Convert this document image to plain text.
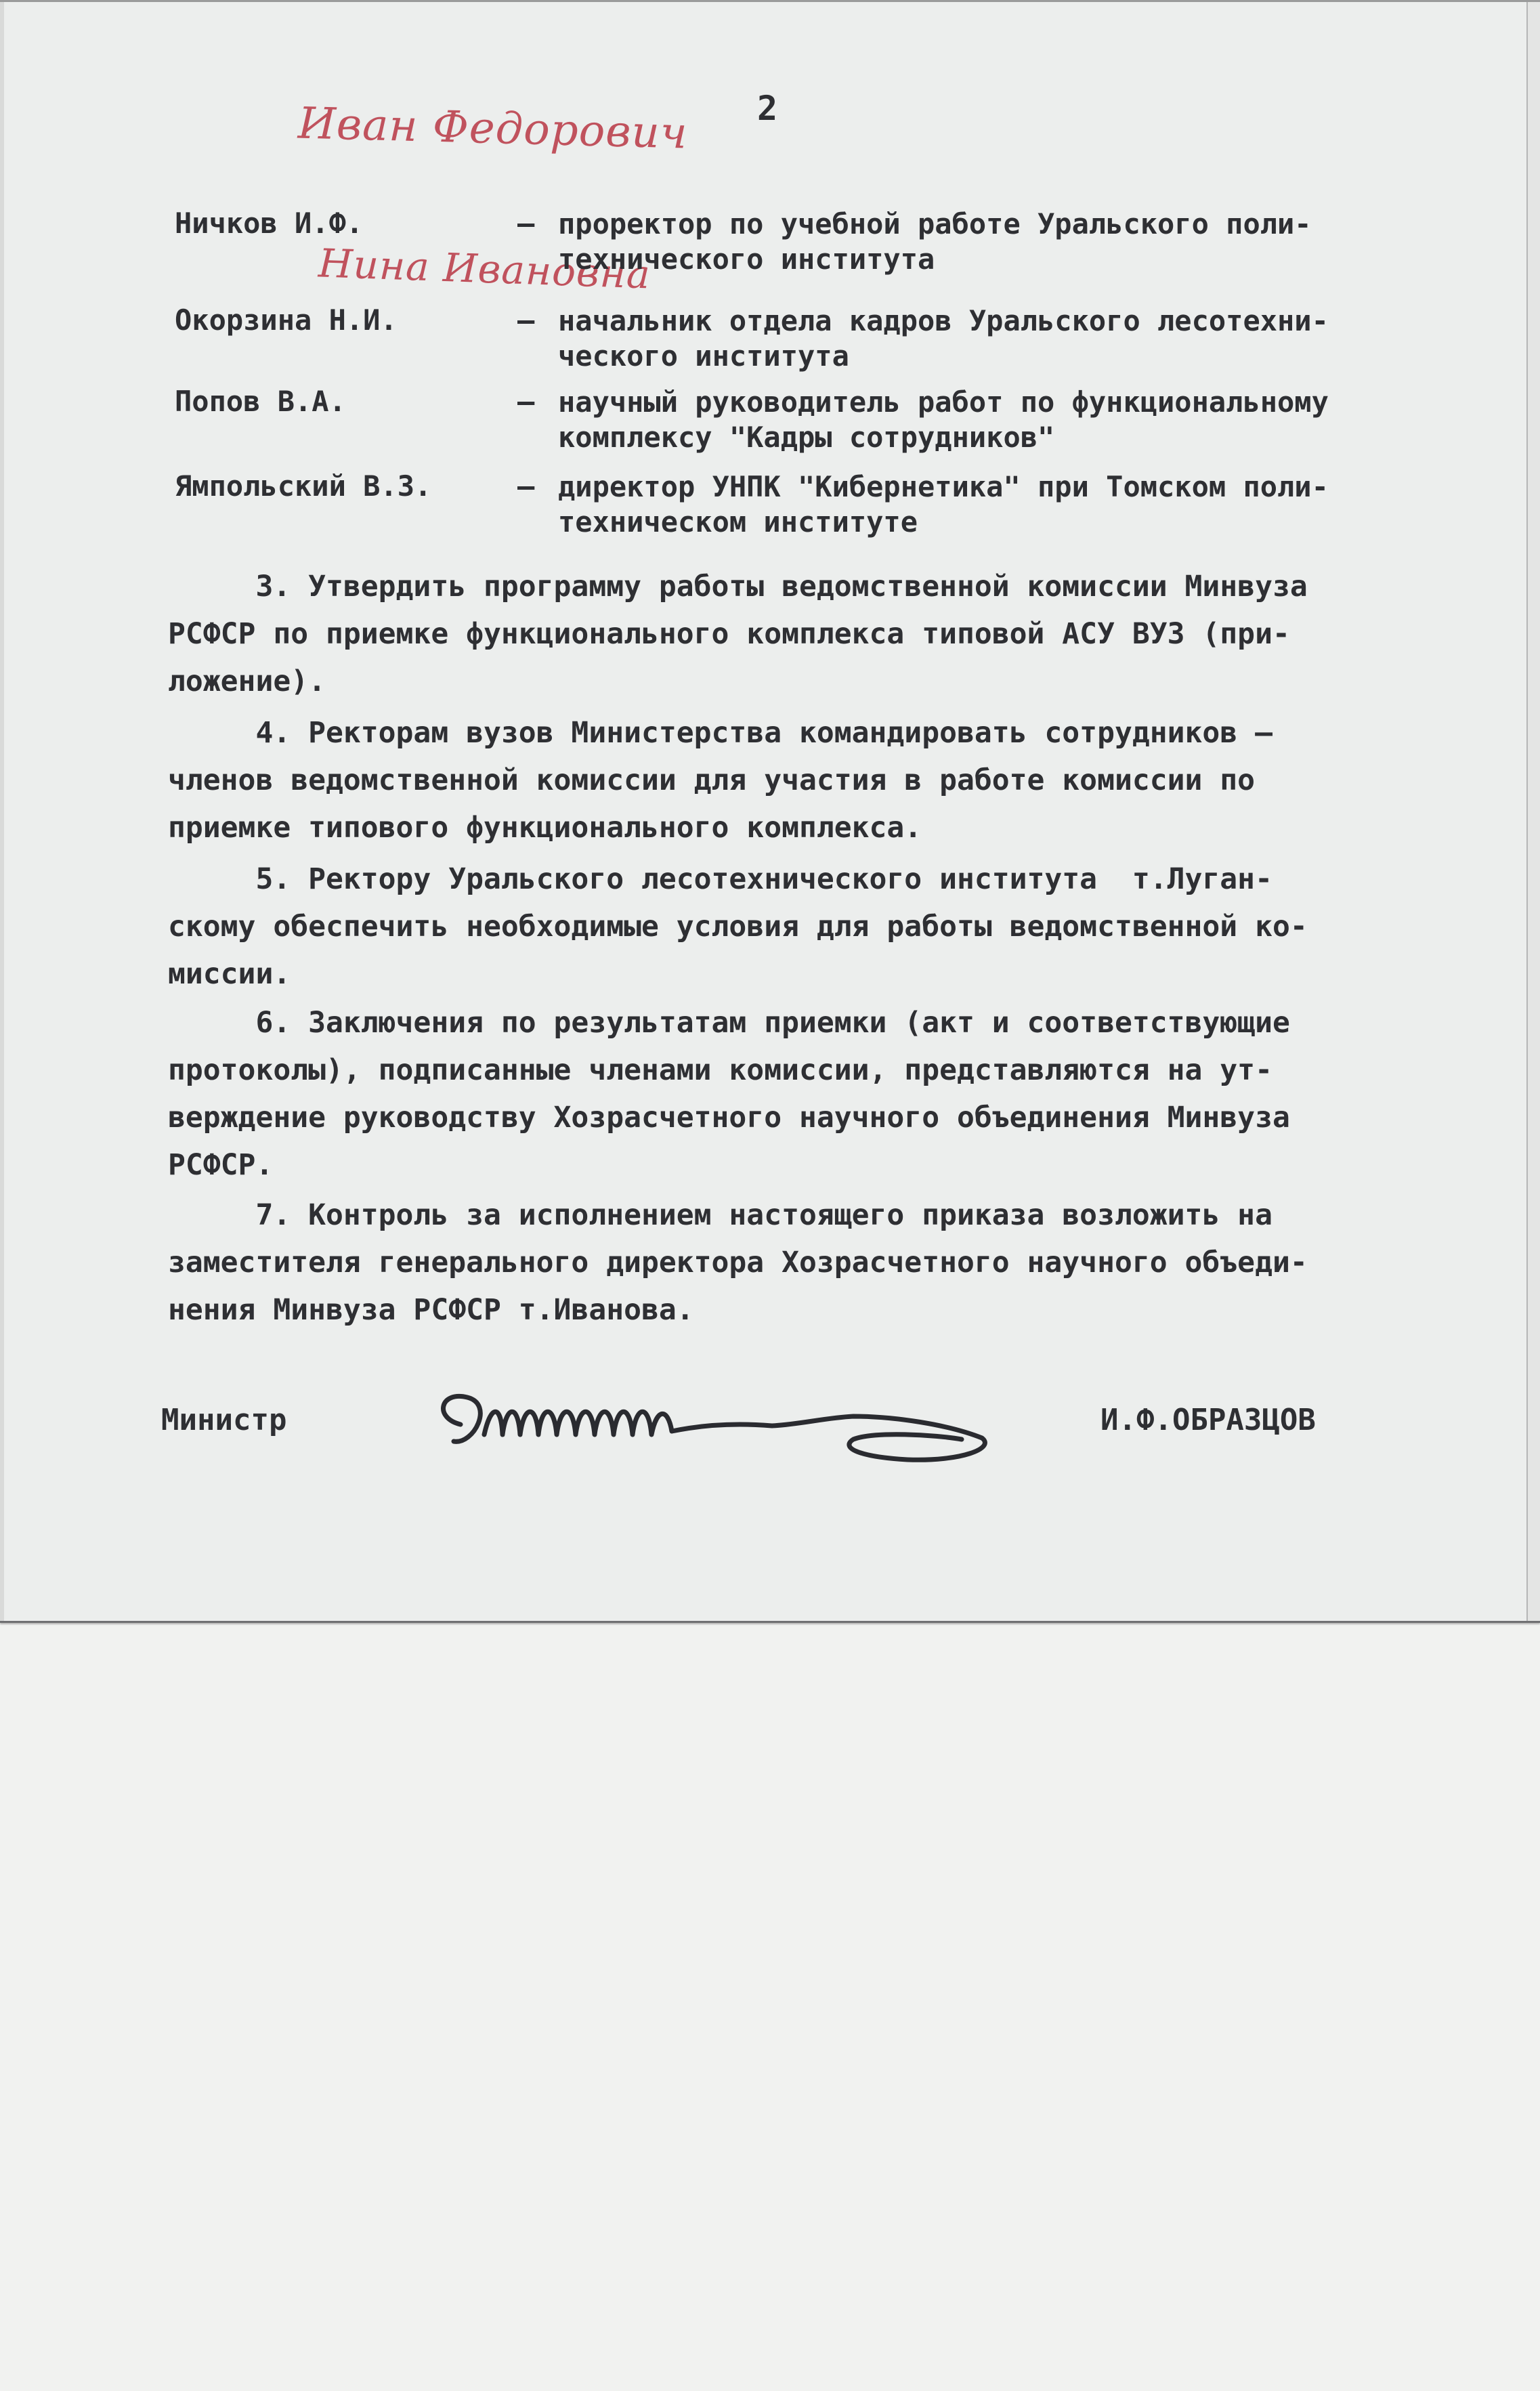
2
Иван Федорович
Нина Ивановна
Ничков И.Ф.	– проректор по учебной работе Уральского поли-
технического института
Окорзина Н.И.	– начальник отдела кадров Уральского лесотехни-
ческого института
Попов В.А.	– научный руководитель работ по функциональному
комплексу "Кадры сотрудников"
Ямпольский В.З.	– директор УНПК "Кибернетика" при Томском поли-
техническом институте
3. Утвердить программу работы ведомственной комиссии Минвуза
РСФСР по приемке функционального комплекса типовой АСУ ВУЗ (при-
ложение).
4. Ректорам вузов Министерства командировать сотрудников –
членов ведомственной комиссии для участия в работе комиссии по
приемке типового функционального комплекса.
5. Ректору Уральского лесотехнического института  т.Луган-
скому обеспечить необходимые условия для работы ведомственной ко-
миссии.
6. Заключения по результатам приемки (акт и соответствующие
протоколы), подписанные членами комиссии, представляются на ут-
верждение руководству Хозрасчетного научного объединения Минвуза
РСФСР.
7. Контроль за исполнением настоящего приказа возложить на
заместителя генерального директора Хозрасчетного научного объеди-
нения Минвуза РСФСР т.Иванова.
Министр	И.Ф.ОБРАЗЦОВ
